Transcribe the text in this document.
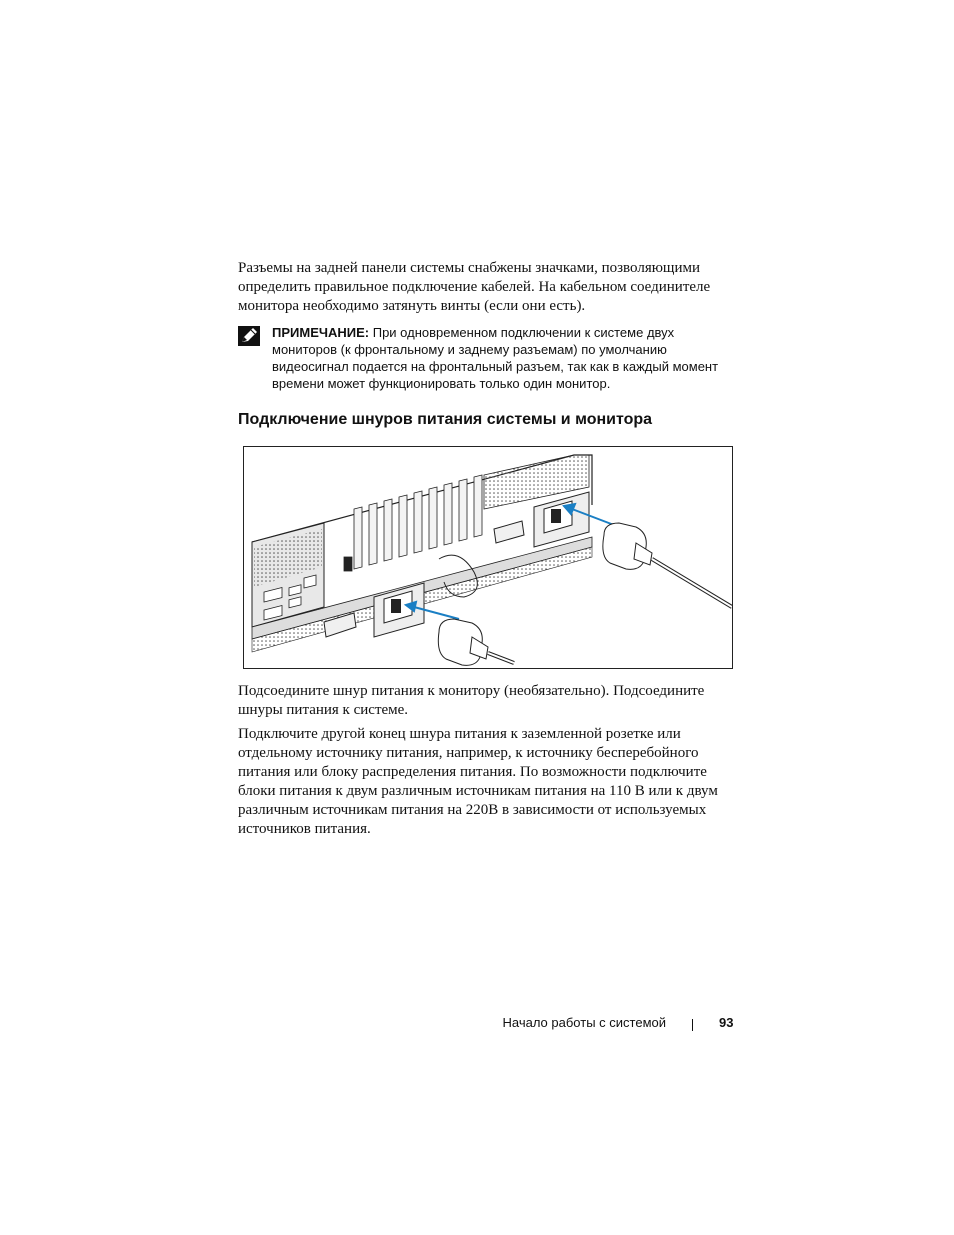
Разъемы на задней панели системы снабжены значками, позволяющими определить правильное подключение кабелей. На кабельном соединителе монитора необходимо затянуть винты (если они есть).

ПРИМЕЧАНИЕ: При одновременном подключении к системе двух мониторов (к фронтальному и заднему разъемам) по умолчанию видеосигнал подается на фронтальный разъем, так как в каждый момент времени может функционировать только один монитор.

Подключение шнуров питания системы и монитора

Подсоедините шнур питания к монитору (необязательно). Подсоедините шнуры питания к системе.

Подключите другой конец шнура питания к заземленной розетке или отдельному источнику питания, например, к источнику бесперебойного питания или блоку распределения питания. По возможности подключите блоки питания к двум различным источникам питания на 110 В или к двум различным источникам питания на 220В в зависимости от используемых источников питания.

Начало работы с системой	93
